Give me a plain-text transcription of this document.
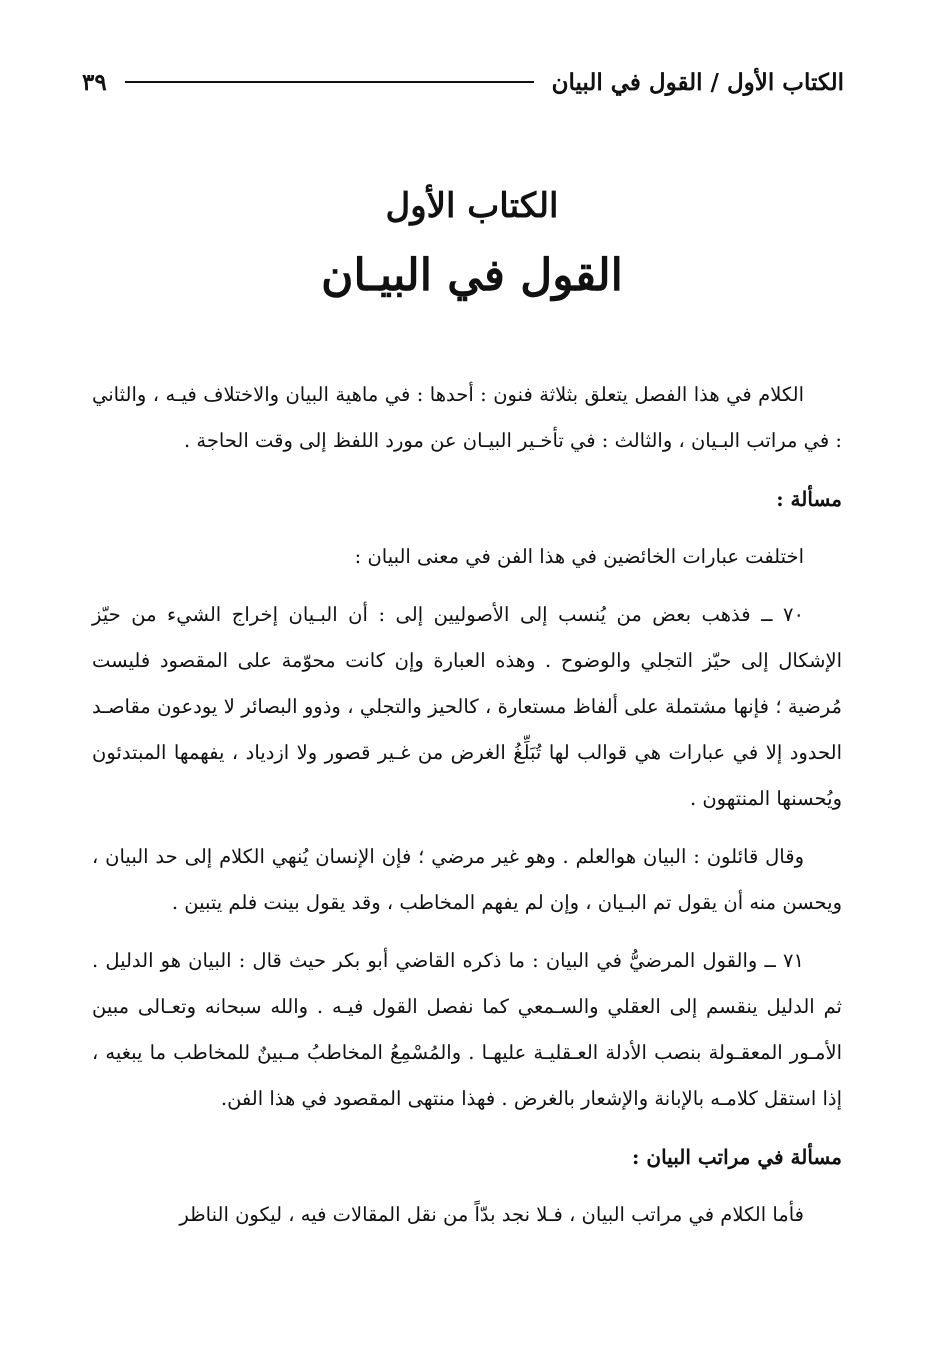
الكتاب الأول / القول في البيان
٣٩
الكتاب الأول
القول في البيـان

الكلام في هذا الفصل يتعلق بثلاثة فنون : أحدها : في ماهية البيان والاختلاف فيـه ، والثاني : في مراتب البـيان ، والثالث : في تأخـير البيـان عن مورد اللفظ إلى وقت الحاجة .

مسألة :

اختلفت عبارات الخائضين في هذا الفن في معنى البيان :

٧٠ ــ فذهب بعض من يُنسب إلى الأصوليين إلى : أن البـيان إخراج الشيء من حيّز الإشكال إلى حيّز التجلي والوضوح . وهذه العبارة وإن كانت محوّمة على المقصود فليست مُرضية ؛ فإنها مشتملة على ألفاظ مستعارة ، كالحيز والتجلي ، وذوو البصائر لا يودعون مقاصـد الحدود إلا في عبارات هي قوالب لها تُبَلِّغُ الغرض من غـير قصور ولا ازدياد ، يفهمها المبتدئون ويُحسنها المنتهون .

وقال قائلون : البيان هوالعلم . وهو غير مرضي ؛ فإن الإنسان يُنهي الكلام إلى حد البيان ، ويحسن منه أن يقول تم البـيان ، وإن لم يفهم المخاطب ، وقد يقول بينت فلم يتبين .

٧١ ــ والقول المرضيُّ في البيان : ما ذكره القاضي أبو بكر حيث قال : البيان هو الدليل . ثم الدليل ينقسم إلى العقلي والسـمعي كما نفصل القول فيـه . والله سبحانه وتعـالى مبين الأمـور المعقـولة بنصب الأدلة العـقليـة عليهـا . والمُسْمِعُ المخاطبُ مـبينٌ للمخاطب ما يبغيه ، إذا استقل كلامـه بالإبانة والإشعار بالغرض . فهذا منتهى المقصود في هذا الفن.

مسألة في مراتب البيان :

فأما الكلام في مراتب البيان ، فـلا نجد بدّاً من نقل المقالات فيه ، ليكون الناظر
